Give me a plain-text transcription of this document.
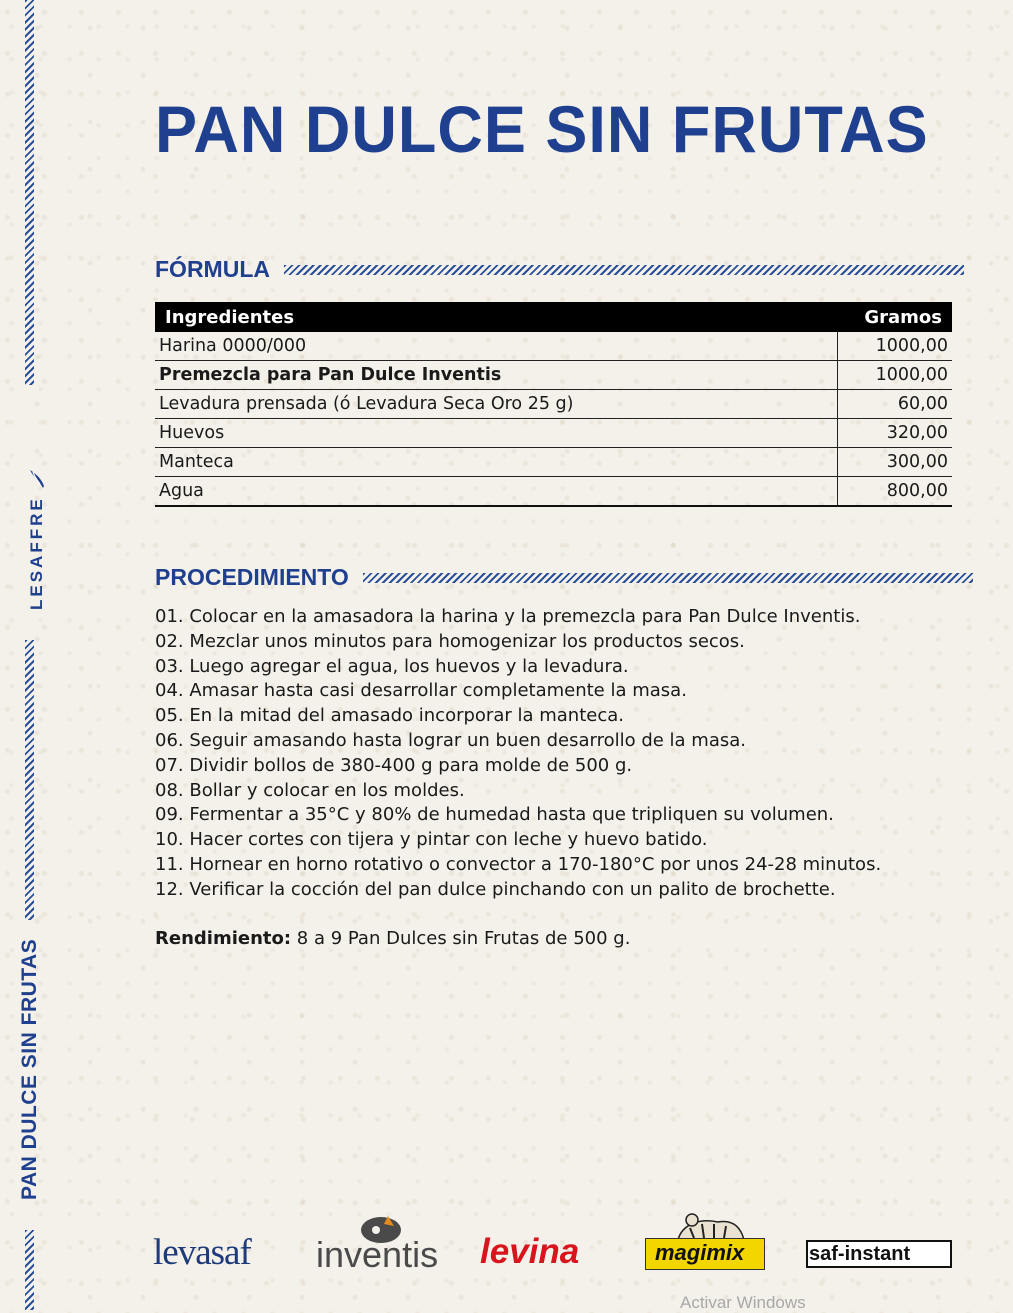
LESAFFRE
PAN DULCE SIN FRUTAS
PAN DULCE SIN FRUTAS
FÓRMULA
Ingredientes	Gramos
Harina 0000/000	1000,00
Premezcla para Pan Dulce Inventis	1000,00
Levadura prensada (ó Levadura Seca Oro 25 g)	60,00
Huevos	320,00
Manteca	300,00
Agua	800,00
PROCEDIMIENTO
01. Colocar en la amasadora la harina y la premezcla para Pan Dulce Inventis.
02. Mezclar unos minutos para homogenizar los productos secos.
03. Luego agregar el agua, los huevos y la levadura.
04. Amasar hasta casi desarrollar completamente la masa.
05. En la mitad del amasado incorporar la manteca.
06. Seguir amasando hasta lograr un buen desarrollo de la masa.
07. Dividir bollos de 380-400 g para molde de 500 g.
08. Bollar y colocar en los moldes.
09. Fermentar a 35°C y 80% de humedad hasta que tripliquen su volumen.
10. Hacer cortes con tijera y pintar con leche y huevo batido.
11. Hornear en horno rotativo o convector a 170-180°C por unos 24-28 minutos.
12. Verificar la cocción del pan dulce pinchando con un palito de brochette.
Rendimiento: 8 a 9 Pan Dulces sin Frutas de 500 g.
levasaf inventis levina	magimix	saf-instant
Activar Windows
